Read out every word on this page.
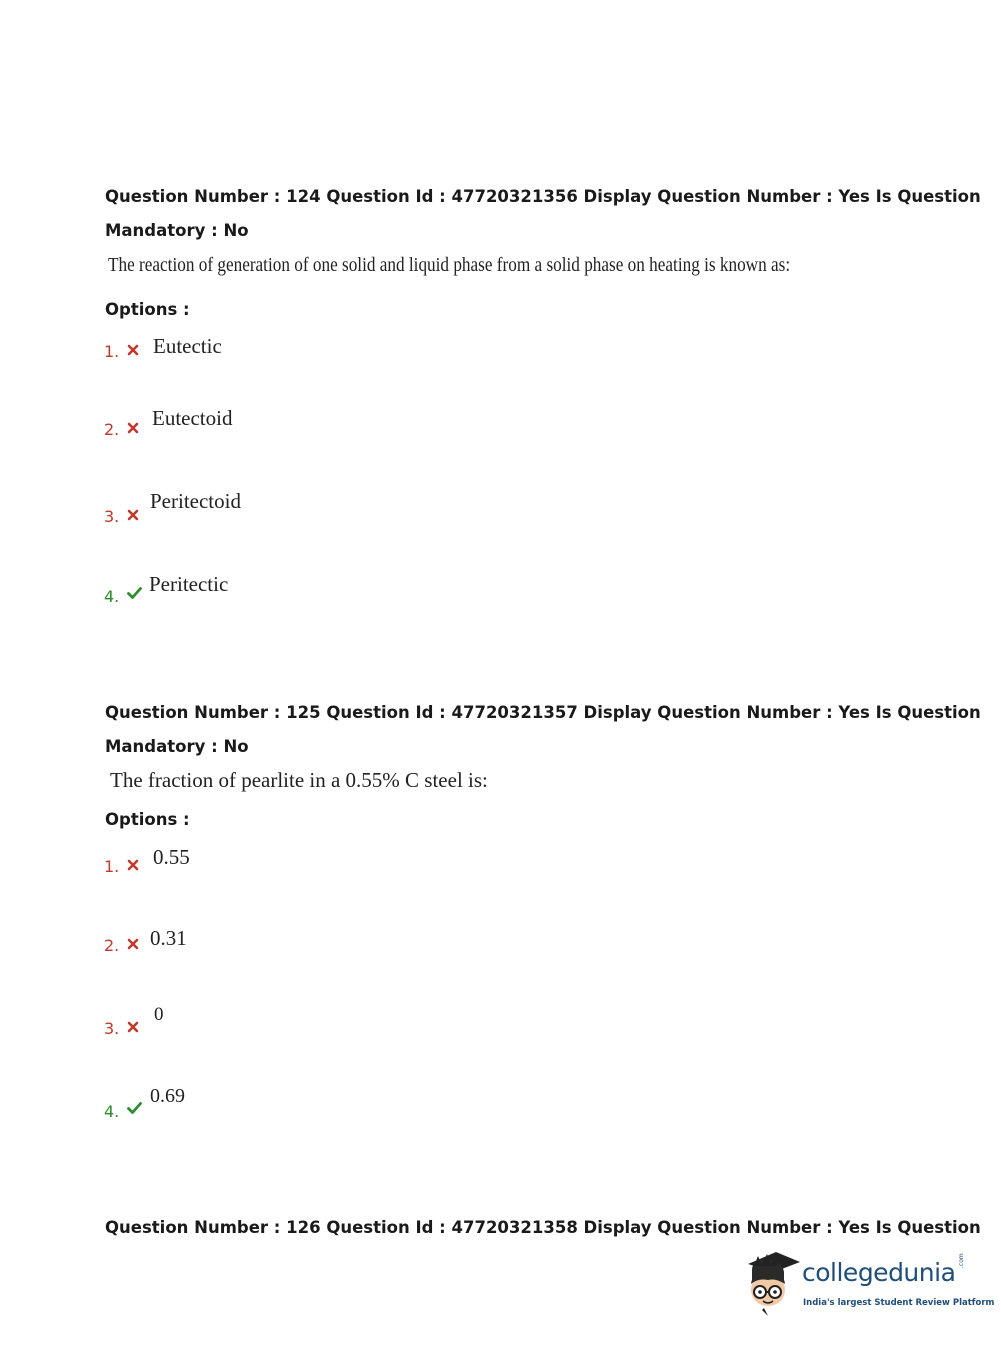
Question Number : 124 Question Id : 47720321356 Display Question Number : Yes Is Question
Mandatory : No
The reaction of generation of one solid and liquid phase from a solid phase on heating is known as:
Options :
1. Eutectic
2. Eutectoid
3.
Peritectoid
4.
Peritectic
Question Number : 125 Question Id : 47720321357 Display Question Number : Yes Is Question
Mandatory : No
The fraction of pearlite in a 0.55% C steel is:
Options :
1. 0.55
2. 0.31
3.
0
4.
0.69
Question Number : 126 Question Id : 47720321358 Display Question Number : Yes Is Question
collegedunia .com
India's largest Student Review Platform
